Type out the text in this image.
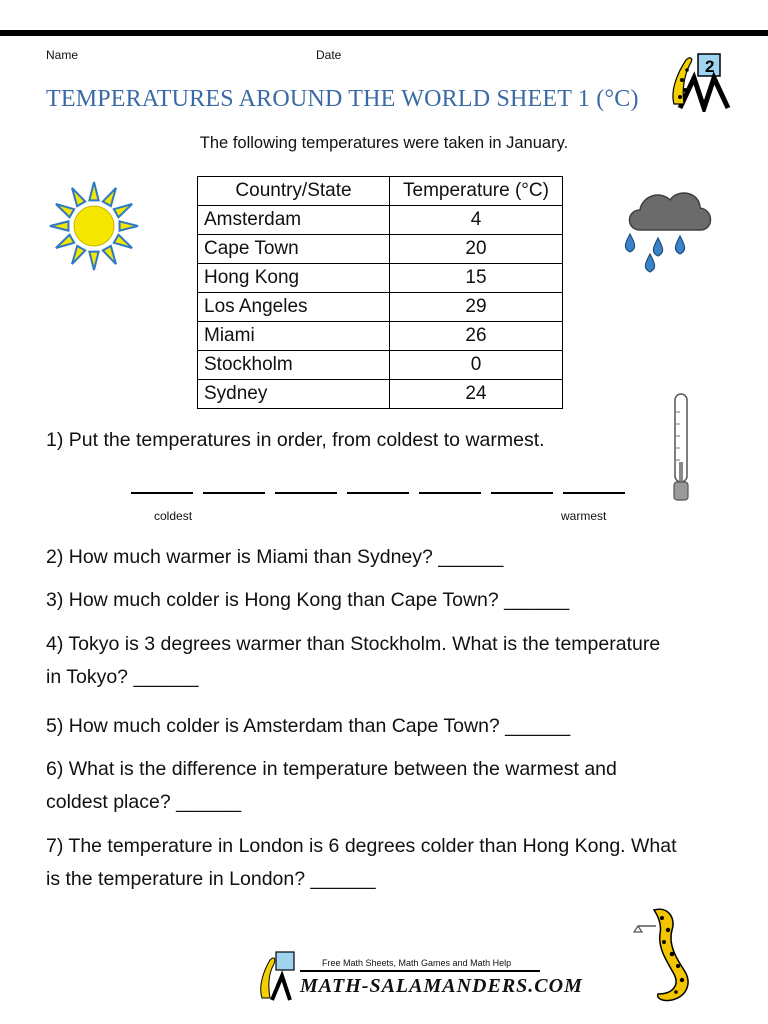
Name	Date
2
TEMPERATURES AROUND THE WORLD SHEET 1 (°C)
The following temperatures were taken in January.
Country/State	Temperature (°C)
Amsterdam	4
Cape Town	20
Hong Kong	15
Los Angeles	29
Miami	26
Stockholm	0
Sydney	24
1) Put the temperatures in order, from coldest to warmest.
coldest	warmest
2) How much warmer is Miami than Sydney? ______
3) How much colder is Hong Kong than Cape Town? ______
4) Tokyo is 3 degrees warmer than Stockholm. What is the temperature
in Tokyo? ______
5) How much colder is Amsterdam than Cape Town? ______
6) What is the difference in temperature between the warmest and
coldest place? ______
7) The temperature in London is 6 degrees colder than Hong Kong. What
is the temperature in London? ______
Free Math Sheets, Math Games and Math Help
MATH-SALAMANDERS.COM
